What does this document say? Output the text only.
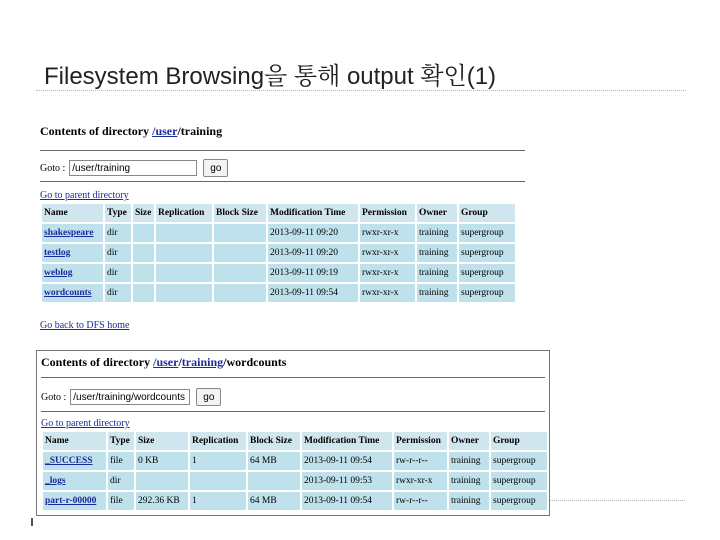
Filesystem Browsing을 통해 output 확인(1)
Contents of directory /user/training
Goto :
/user/training	go
Go to parent directory
Name	Type	Size	Replication	Block Size	Modification Time	Permission	Owner	Group
shakespeare	dir				2013-09-11 09:20	rwxr-xr-x	training	supergroup
testlog	dir				2013-09-11 09:20	rwxr-xr-x	training	supergroup
weblog	dir				2013-09-11 09:19	rwxr-xr-x	training	supergroup
wordcounts	dir				2013-09-11 09:54	rwxr-xr-x	training	supergroup
Go back to DFS home
Contents of directory /user/training/wordcounts
Goto :
/user/training/wordcounts	go
Go to parent directory
Name	Type	Size	Replication	Block Size	Modification Time	Permission	Owner	Group
_SUCCESS	file	0 KB	1	64 MB	2013-09-11 09:54	rw-r--r--	training	supergroup
_logs	dir				2013-09-11 09:53	rwxr-xr-x	training	supergroup
part-r-00000	file	292.36 KB	1	64 MB	2013-09-11 09:54	rw-r--r--	training	supergroup
